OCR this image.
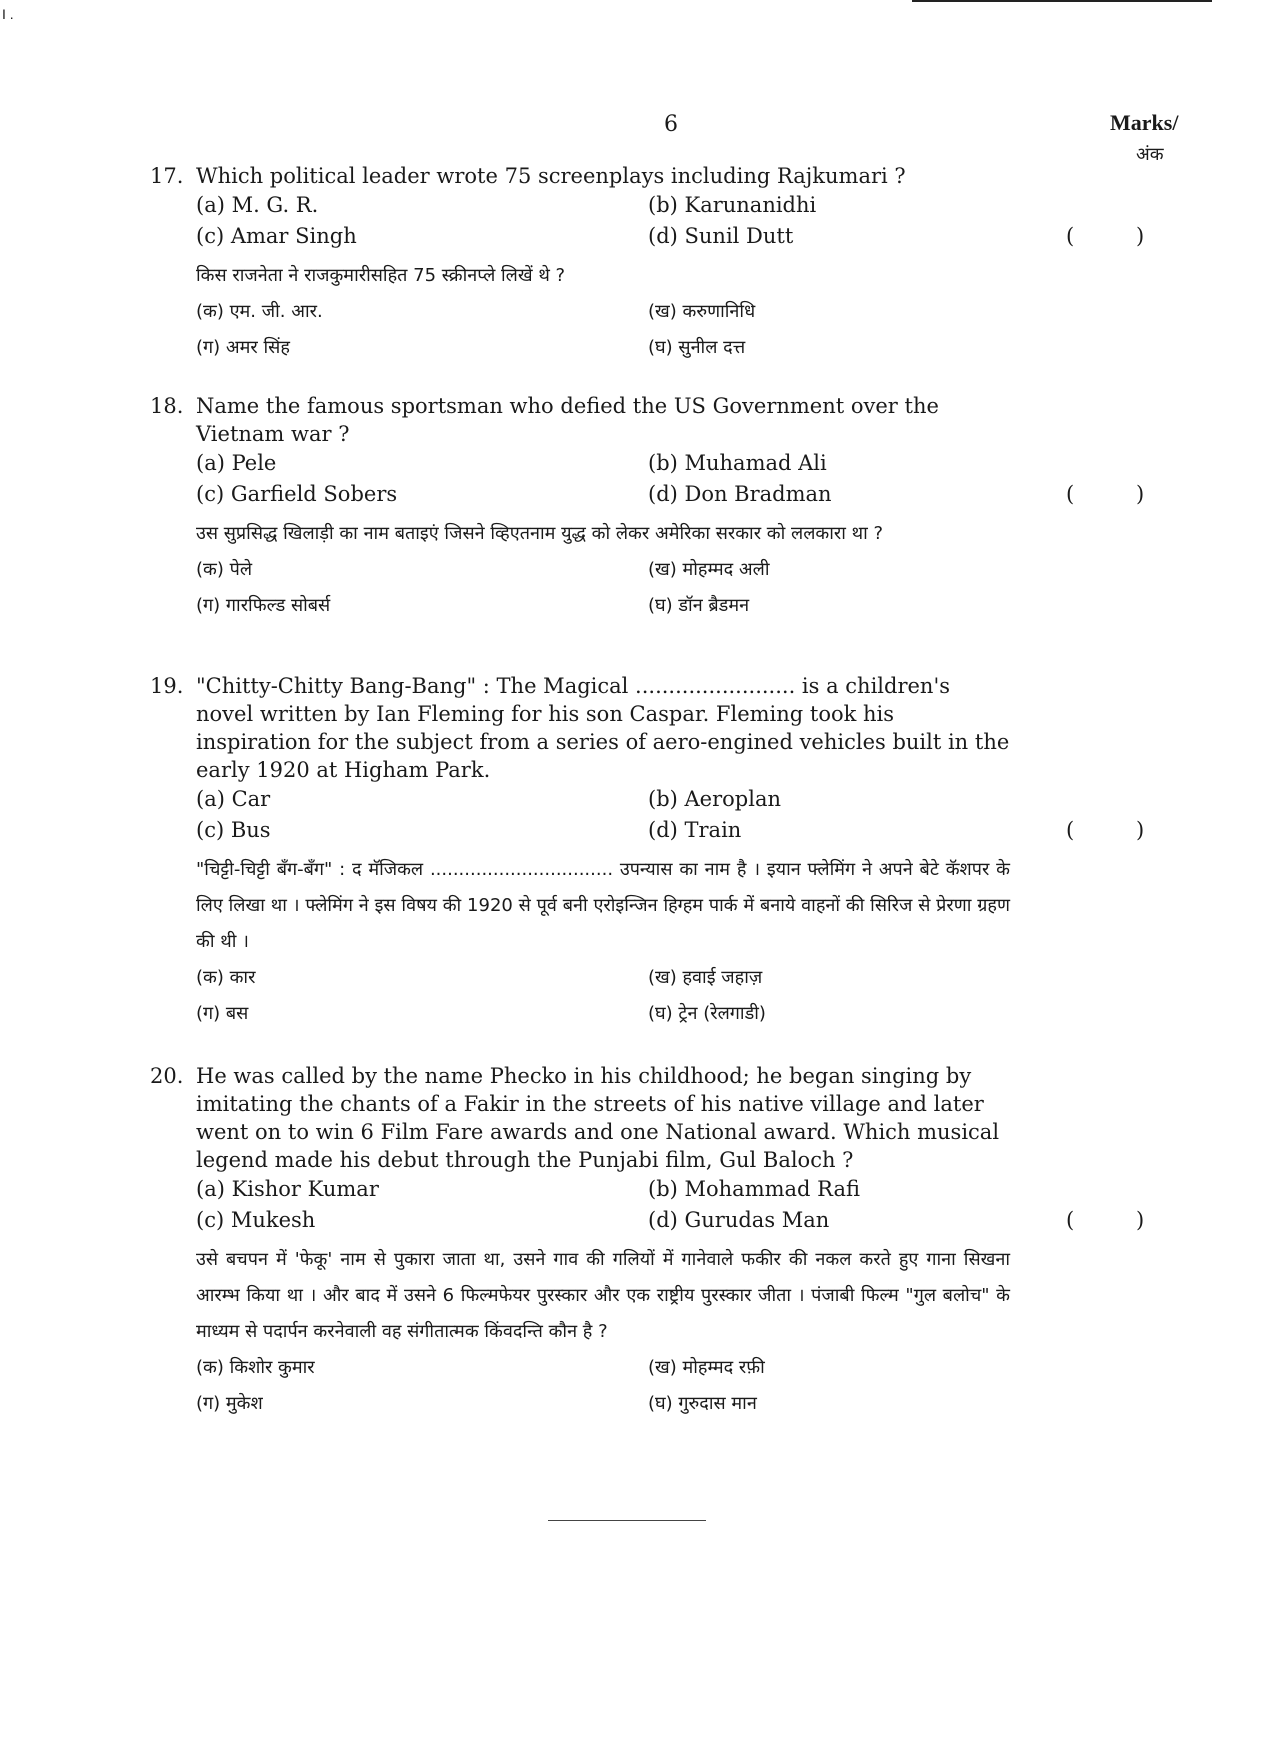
I .
6	Marks/
अंक
17. Which political leader wrote 75 screenplays including Rajkumari ?
(a) M. G. R.	(b) Karunanidhi
(c) Amar Singh	(d) Sunil Dutt	(	)
किस राजनेता ने राजकुमारीसहित 75 स्क्रीनप्ले लिखें थे ?
(क) एम. जी. आर.	(ख) करुणानिधि
(ग) अमर सिंह	(घ) सुनील दत्त
18. Name the famous sportsman who defied the US Government over the Vietnam war ?
(a) Pele	(b) Muhamad Ali
(c) Garfield Sobers	(d) Don Bradman	(	)
उस सुप्रसिद्ध खिलाड़ी का नाम बताइएं जिसने व्हिएतनाम युद्ध को लेकर अमेरिका सरकार को ललकारा था ?
(क) पेले	(ख) मोहम्मद अली
(ग) गारफिल्ड सोबर्स	(घ) डॉन ब्रैडमन
19. "Chitty-Chitty Bang-Bang" : The Magical ........................ is a children's novel written by Ian Fleming for his son Caspar. Fleming took his inspiration for the subject from a series of aero-engined vehicles built in the early 1920 at Higham Park.
(a) Car	(b) Aeroplan
(c) Bus	(d) Train	(	)
"चिट्टी-चिट्टी बँग-बँग" : द मॅजिकल ................................ उपन्यास का नाम है । इयान फ्लेमिंग ने अपने बेटे कॅशपर के लिए लिखा था । फ्लेमिंग ने इस विषय की 1920 से पूर्व बनी एरोइन्जिन हिग्हम पार्क में बनाये वाहनों की सिरिज से प्रेरणा ग्रहण की थी ।
(क) कार	(ख) हवाई जहाज़
(ग) बस	(घ) ट्रेन (रेलगाडी)
20. He was called by the name Phecko in his childhood; he began singing by imitating the chants of a Fakir in the streets of his native village and later went on to win 6 Film Fare awards and one National award. Which musical legend made his debut through the Punjabi film, Gul Baloch ?
(a) Kishor Kumar	(b) Mohammad Rafi
(c) Mukesh	(d) Gurudas Man	(	)
उसे बचपन में 'फेकू' नाम से पुकारा जाता था, उसने गाव की गलियों में गानेवाले फकीर की नकल करते हुए गाना सिखना आरम्भ किया था । और बाद में उसने 6 फिल्मफेयर पुरस्कार और एक राष्ट्रीय पुरस्कार जीता । पंजाबी फिल्म "गुल बलोच" के माध्यम से पदार्पन करनेवाली वह संगीतात्मक किंवदन्ति कौन है ?
(क) किशोर कुमार	(ख) मोहम्मद रफ़ी
(ग) मुकेश	(घ) गुरुदास मान
